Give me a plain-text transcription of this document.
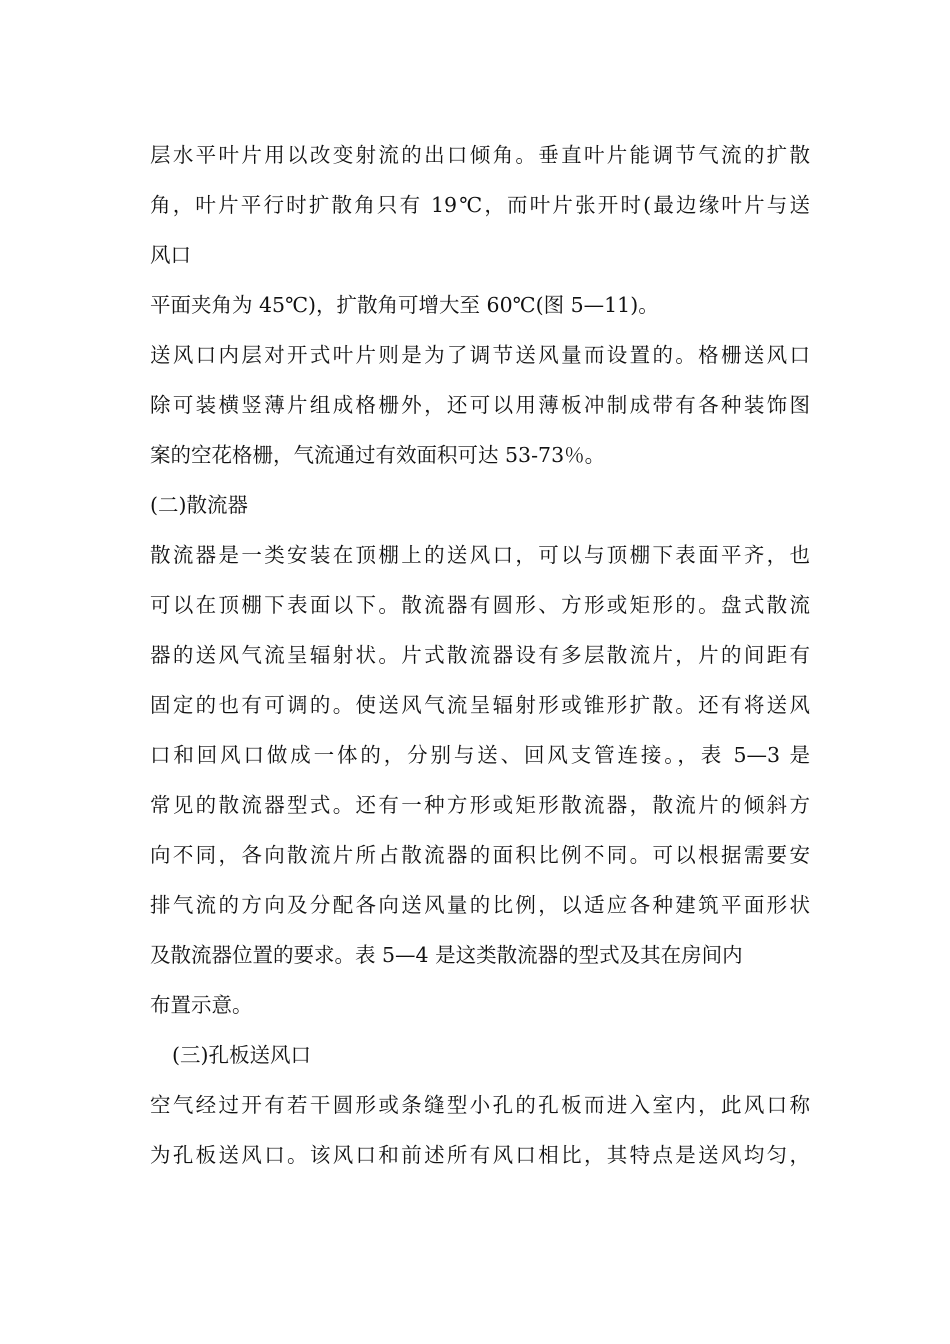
层水平叶片用以改变射流的出口倾角。垂直叶片能调节气流的扩散
角，叶片平行时扩散角只有 19℃，而叶片张开时(最边缘叶片与送
风口
平面夹角为 45℃)，扩散角可增大至 60℃(图 5—11)。
送风口内层对开式叶片则是为了调节送风量而设置的。格栅送风口
除可装横竖薄片组成格栅外，还可以用薄板冲制成带有各种装饰图
案的空花格栅，气流通过有效面积可达 53-73％。
(二)散流器
散流器是一类安装在顶棚上的送风口，可以与顶棚下表面平齐，也
可以在顶棚下表面以下。散流器有圆形、方形或矩形的。盘式散流
器的送风气流呈辐射状。片式散流器设有多层散流片，片的间距有
固定的也有可调的。使送风气流呈辐射形或锥形扩散。还有将送风
口和回风口做成一体的，分别与送、回风支管连接。，表 5—3 是
常见的散流器型式。还有一种方形或矩形散流器，散流片的倾斜方
向不同，各向散流片所占散流器的面积比例不同。可以根据需要安
排气流的方向及分配各向送风量的比例，以适应各种建筑平面形状
及散流器位置的要求。表 5—4 是这类散流器的型式及其在房间内
布置示意。
(三)孔板送风口
空气经过开有若干圆形或条缝型小孔的孔板而进入室内，此风口称
为孔板送风口。该风口和前述所有风口相比，其特点是送风均匀，
